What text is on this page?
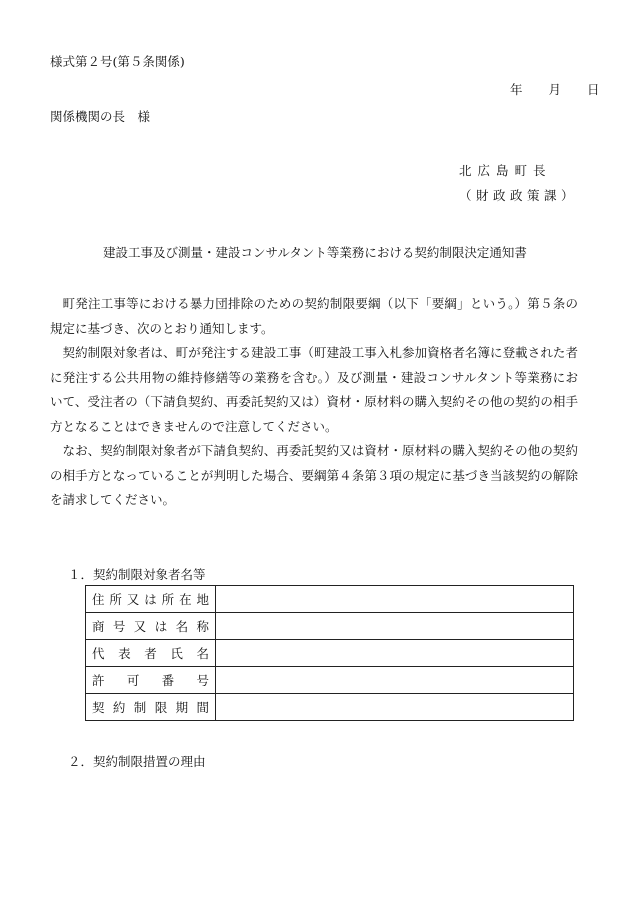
様式第２号(第５条関係)
年 月 日
関係機関の長　様
北広島町長
（財政政策課）
建設工事及び測量・建設コンサルタント等業務における契約制限決定通知書

町発注工事等における暴力団排除のための契約制限要綱（以下「要綱」という。）第５条の規定に基づき、次のとおり通知します。

契約制限対象者は、町が発注する建設工事（町建設工事入札参加資格者名簿に登載された者に発注する公共用物の維持修繕等の業務を含む。）及び測量・建設コンサルタント等業務において、受注者の（下請負契約、再委託契約又は）資材・原材料の購入契約その他の契約の相手方となることはできませんので注意してください。

なお、契約制限対象者が下請負契約、再委託契約又は資材・原材料の購入契約その他の契約の相手方となっていることが判明した場合、要綱第４条第３項の規定に基づき当該契約の解除を請求してください。

１．契約制限対象者名等
住所又は所在地	
商号又は名称	
代表者氏名	
許可番号	
契約制限期間	
２．契約制限措置の理由
